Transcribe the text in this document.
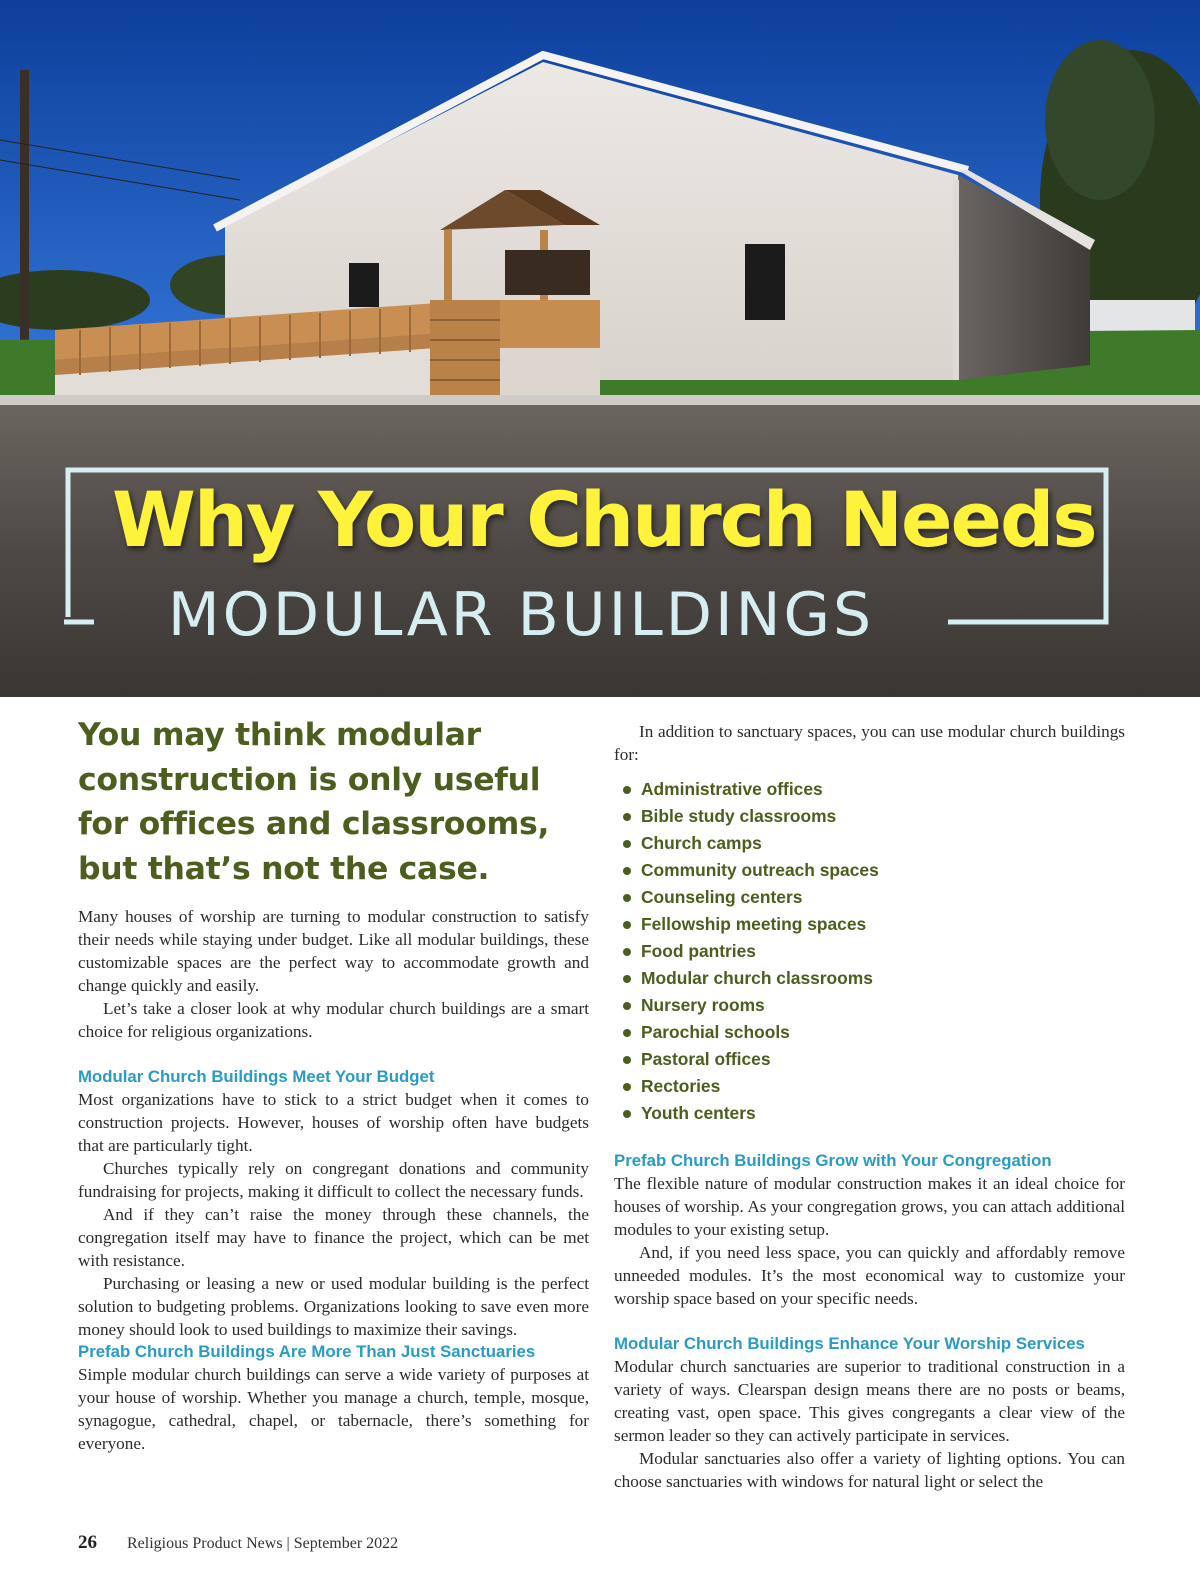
Why Your Church Needs
MODULAR BUILDINGS
You may think modular
construction is only useful
for offices and classrooms,
but that’s not the case.

Many houses of worship are turning to modular construction to satisfy their needs while staying under budget. Like all modular buildings, these customizable spaces are the perfect way to accommodate growth and change quickly and easily.

Let’s take a closer look at why modular church buildings are a smart choice for religious organizations.

Modular Church Buildings Meet Your Budget

Most organizations have to stick to a strict budget when it comes to construction projects. However, houses of worship often have budgets that are particularly tight.

Churches typically rely on congregant donations and community fundraising for projects, making it difficult to collect the necessary funds.

And if they can’t raise the money through these channels, the congregation itself may have to finance the project, which can be met with resistance.

Purchasing or leasing a new or used modular building is the perfect solution to budgeting problems. Organizations looking to save even more money should look to used buildings to maximize their savings.

Prefab Church Buildings Are More Than Just Sanctuaries

Simple modular church buildings can serve a wide variety of purposes at your house of worship. Whether you manage a church, temple, mosque, synagogue, cathedral, chapel, or tabernacle, there’s something for everyone.

In addition to sanctuary spaces, you can use modular church buildings for:

Administrative offices
Bible study classrooms
Church camps
Community outreach spaces
Counseling centers
Fellowship meeting spaces
Food pantries
Modular church classrooms
Nursery rooms
Parochial schools
Pastoral offices
Rectories
Youth centers
Prefab Church Buildings Grow with Your Congregation

The flexible nature of modular construction makes it an ideal choice for houses of worship. As your congregation grows, you can attach additional modules to your existing setup.

And, if you need less space, you can quickly and affordably remove unneeded modules. It’s the most economical way to customize your worship space based on your specific needs.

Modular Church Buildings Enhance Your Worship Services

Modular church sanctuaries are superior to traditional construction in a variety of ways. Clearspan design means there are no posts or beams, creating vast, open space. This gives congregants a clear view of the sermon leader so they can actively participate in services.

Modular sanctuaries also offer a variety of lighting options. You can choose sanctuaries with windows for natural light or select the

26 Religious Product News | September 2022
